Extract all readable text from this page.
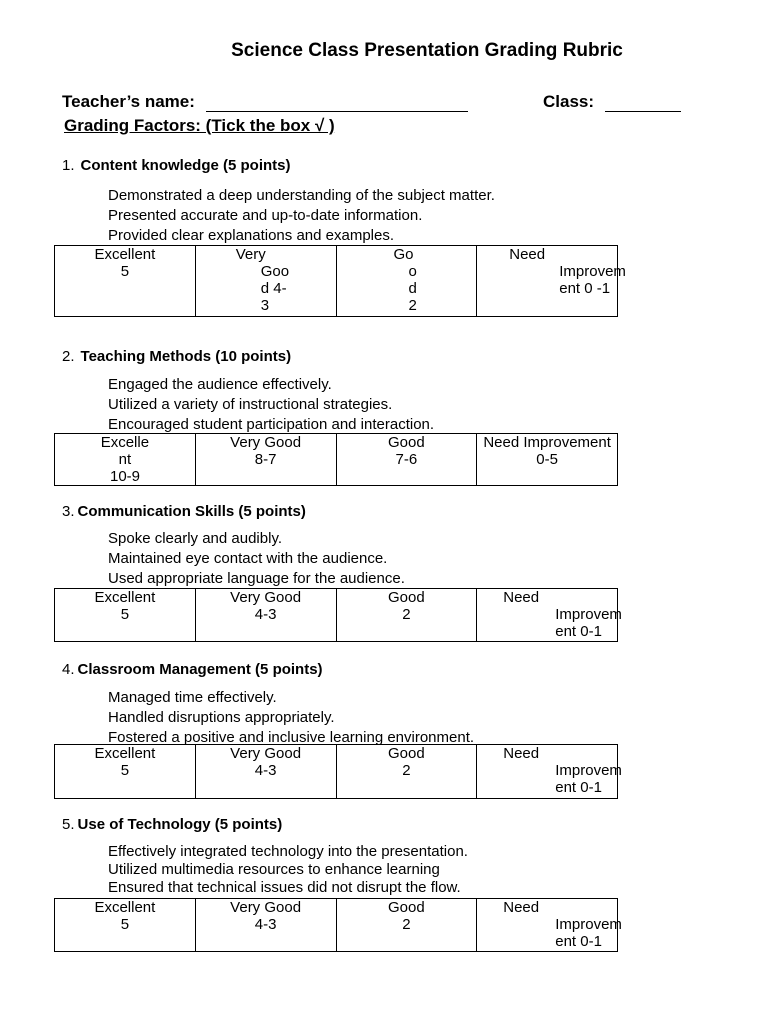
Science Class Presentation Grading Rubric
Teacher’s name:	Class:
Grading Factors: (Tick the box √ )
1. Content knowledge (5 points)
Demonstrated a deep understanding of the subject matter.
Presented accurate and up-to-date information.
Provided clear explanations and examples.
Excellent
5

Very
Goo
d 4-
3

Go
o
d
2

Need
Improvem
ent 0 -1
2. Teaching Methods (10 points)
Engaged the audience effectively.
Utilized a variety of instructional strategies.
Encouraged student participation and interaction.
Excelle
nt
10-9

Very Good
8-7

Good
7-6

Need Improvement
0-5
3. Communication Skills (5 points)
Spoke clearly and audibly.
Maintained eye contact with the audience.
Used appropriate language for the audience.
Excellent
5

Very Good
4-3

Good
2

Need
Improvem
ent 0-1
4. Classroom Management (5 points)
Managed time effectively.
Handled disruptions appropriately.
Fostered a positive and inclusive learning environment.
Excellent
5

Very Good
4-3

Good
2

Need
Improvem
ent 0-1
5. Use of Technology (5 points)
Effectively integrated technology into the presentation.
Utilized multimedia resources to enhance learning
Ensured that technical issues did not disrupt the flow.
Excellent
5

Very Good
4-3

Good
2

Need
Improvem
ent 0-1
